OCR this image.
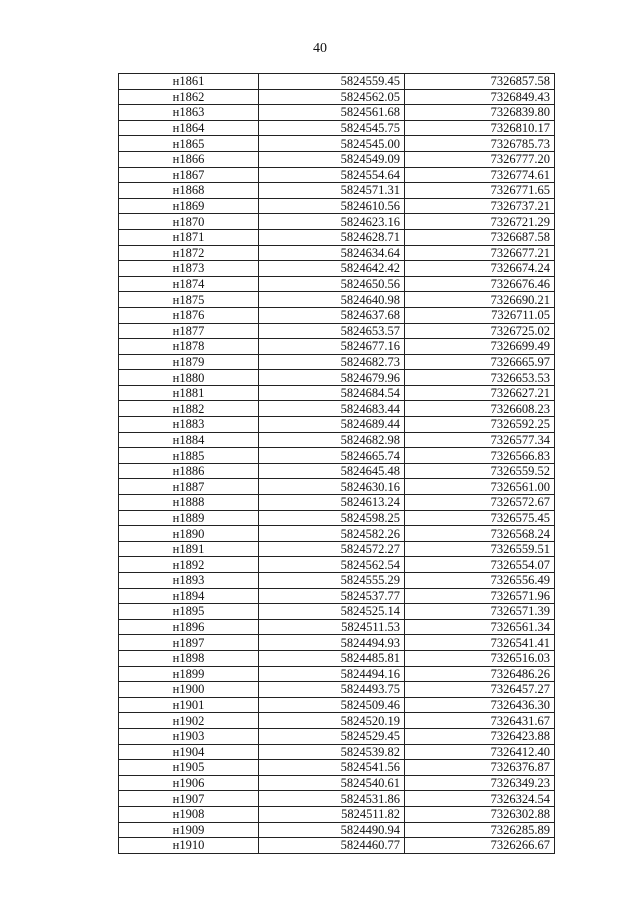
40
н1861	5824559.45	7326857.58
н1862	5824562.05	7326849.43
н1863	5824561.68	7326839.80
н1864	5824545.75	7326810.17
н1865	5824545.00	7326785.73
н1866	5824549.09	7326777.20
н1867	5824554.64	7326774.61
н1868	5824571.31	7326771.65
н1869	5824610.56	7326737.21
н1870	5824623.16	7326721.29
н1871	5824628.71	7326687.58
н1872	5824634.64	7326677.21
н1873	5824642.42	7326674.24
н1874	5824650.56	7326676.46
н1875	5824640.98	7326690.21
н1876	5824637.68	7326711.05
н1877	5824653.57	7326725.02
н1878	5824677.16	7326699.49
н1879	5824682.73	7326665.97
н1880	5824679.96	7326653.53
н1881	5824684.54	7326627.21
н1882	5824683.44	7326608.23
н1883	5824689.44	7326592.25
н1884	5824682.98	7326577.34
н1885	5824665.74	7326566.83
н1886	5824645.48	7326559.52
н1887	5824630.16	7326561.00
н1888	5824613.24	7326572.67
н1889	5824598.25	7326575.45
н1890	5824582.26	7326568.24
н1891	5824572.27	7326559.51
н1892	5824562.54	7326554.07
н1893	5824555.29	7326556.49
н1894	5824537.77	7326571.96
н1895	5824525.14	7326571.39
н1896	5824511.53	7326561.34
н1897	5824494.93	7326541.41
н1898	5824485.81	7326516.03
н1899	5824494.16	7326486.26
н1900	5824493.75	7326457.27
н1901	5824509.46	7326436.30
н1902	5824520.19	7326431.67
н1903	5824529.45	7326423.88
н1904	5824539.82	7326412.40
н1905	5824541.56	7326376.87
н1906	5824540.61	7326349.23
н1907	5824531.86	7326324.54
н1908	5824511.82	7326302.88
н1909	5824490.94	7326285.89
н1910	5824460.77	7326266.67
